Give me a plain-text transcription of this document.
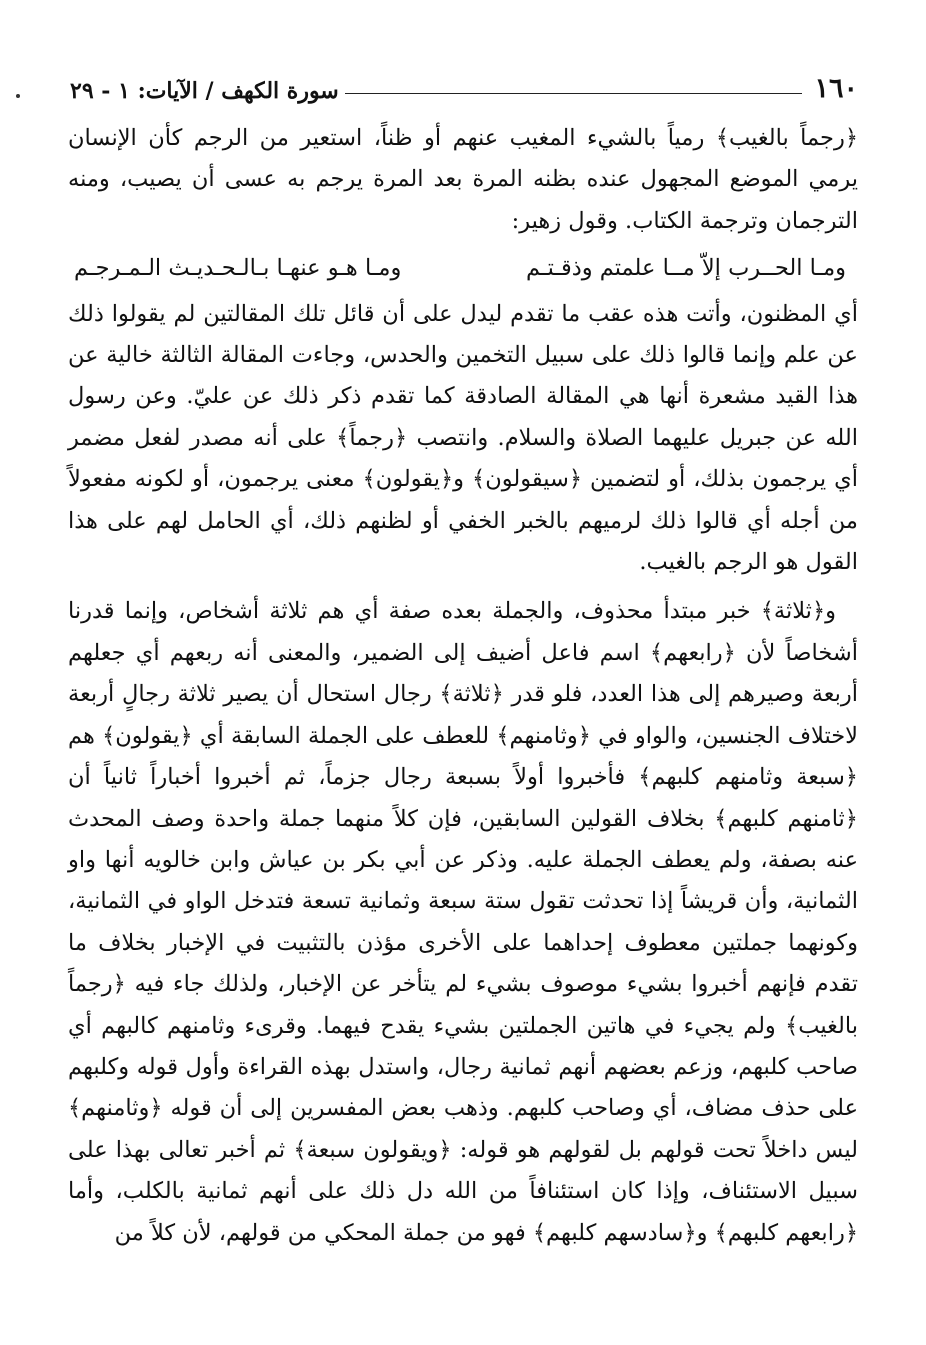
١٦٠
سورة الكهف / الآيات: ١ - ٢٩

﴿رجماً بالغيب﴾ رمياً بالشيء المغيب عنهم أو ظناً، استعير من الرجم كأن الإنسان يرمي الموضع المجهول عنده بظنه المرة بعد المرة يرجم به عسى أن يصيب، ومنه الترجمان وترجمة الكتاب. وقول زهير:

ومـا الحــرب إلاّ مــا علمتم وذقـتـم
ومـا هـو عنهـا بـالـحـديـث الـمـرجـم

أي المظنون، وأتت هذه عقب ما تقدم ليدل على أن قائل تلك المقالتين لم يقولوا ذلك عن علم وإنما قالوا ذلك على سبيل التخمين والحدس، وجاءت المقالة الثالثة خالية عن هذا القيد مشعرة أنها هي المقالة الصادقة كما تقدم ذكر ذلك عن عليّ. وعن رسول الله عن جبريل عليهما الصلاة والسلام. وانتصب ﴿رجماً﴾ على أنه مصدر لفعل مضمر أي يرجمون بذلك، أو لتضمين ﴿سيقولون﴾ و﴿يقولون﴾ معنى يرجمون، أو لكونه مفعولاً من أجله أي قالوا ذلك لرميهم بالخبر الخفي أو لظنهم ذلك، أي الحامل لهم على هذا القول هو الرجم بالغيب.

و﴿ثلاثة﴾ خبر مبتدأ محذوف، والجملة بعده صفة أي هم ثلاثة أشخاص، وإنما قدرنا أشخاصاً لأن ﴿رابعهم﴾ اسم فاعل أضيف إلى الضمير، والمعنى أنه ربعهم أي جعلهم أربعة وصيرهم إلى هذا العدد، فلو قدر ﴿ثلاثة﴾ رجال استحال أن يصير ثلاثة رجالٍ أربعة لاختلاف الجنسين، والواو في ﴿وثامنهم﴾ للعطف على الجملة السابقة أي ﴿يقولون﴾ هم ﴿سبعة وثامنهم كلبهم﴾ فأخبروا أولاً بسبعة رجال جزماً، ثم أخبروا أخباراً ثانياً أن ﴿ثامنهم كلبهم﴾ بخلاف القولين السابقين، فإن كلاً منهما جملة واحدة وصف المحدث عنه بصفة، ولم يعطف الجملة عليه. وذكر عن أبي بكر بن عياش وابن خالويه أنها واو الثمانية، وأن قريشاً إذا تحدثت تقول ستة سبعة وثمانية تسعة فتدخل الواو في الثمانية، وكونهما جملتين معطوف إحداهما على الأخرى مؤذن بالتثبيت في الإخبار بخلاف ما تقدم فإنهم أخبروا بشيء موصوف بشيء لم يتأخر عن الإخبار، ولذلك جاء فيه ﴿رجماً بالغيب﴾ ولم يجيء في هاتين الجملتين بشيء يقدح فيهما. وقرىء وثامنهم كالبهم أي صاحب كلبهم، وزعم بعضهم أنهم ثمانية رجال، واستدل بهذه القراءة وأول قوله وكلبهم على حذف مضاف، أي وصاحب كلبهم. وذهب بعض المفسرين إلى أن قوله ﴿وثامنهم﴾ ليس داخلاً تحت قولهم بل لقولهم هو قوله: ﴿ويقولون سبعة﴾ ثم أخبر تعالى بهذا على سبيل الاستئناف، وإذا كان استئنافاً من الله دل ذلك على أنهم ثمانية بالكلب، وأما ﴿رابعهم كلبهم﴾ و﴿سادسهم كلبهم﴾ فهو من جملة المحكي من قولهم، لأن كلاً من
